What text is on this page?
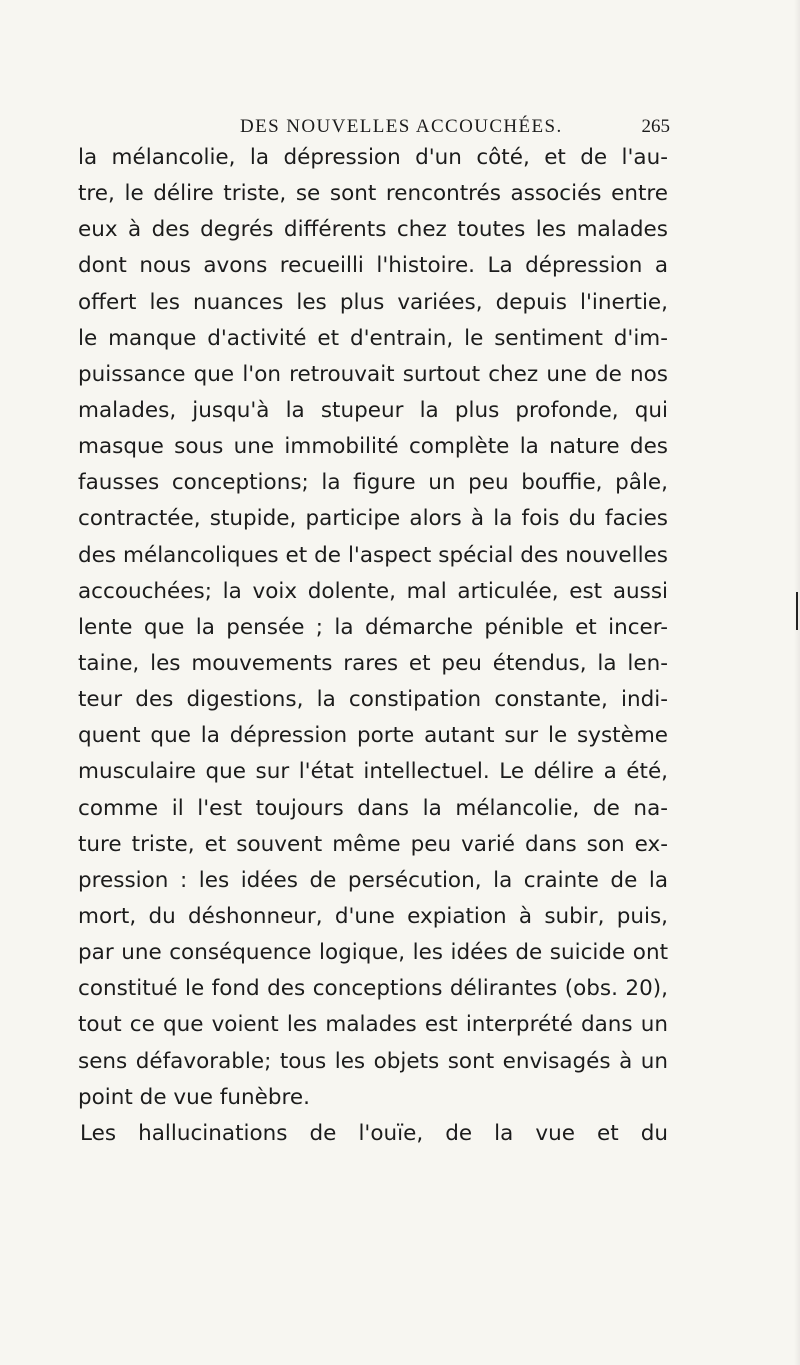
DES NOUVELLES ACCOUCHÉES.	265
la mélancolie, la dépression d'un côté, et de l'au-
tre, le délire triste, se sont rencontrés associés entre
eux à des degrés différents chez toutes les malades
dont nous avons recueilli l'histoire. La dépression a
offert les nuances les plus variées, depuis l'inertie,
le manque d'activité et d'entrain, le sentiment d'im-
puissance que l'on retrouvait surtout chez une de nos
malades, jusqu'à la stupeur la plus profonde, qui
masque sous une immobilité complète la nature des
fausses conceptions; la figure un peu bouffie, pâle,
contractée, stupide, participe alors à la fois du facies
des mélancoliques et de l'aspect spécial des nouvelles
accouchées; la voix dolente, mal articulée, est aussi
lente que la pensée ; la démarche pénible et incer-
taine, les mouvements rares et peu étendus, la len-
teur des digestions, la constipation constante, indi-
quent que la dépression porte autant sur le système
musculaire que sur l'état intellectuel. Le délire a été,
comme il l'est toujours dans la mélancolie, de na-
ture triste, et souvent même peu varié dans son ex-
pression : les idées de persécution, la crainte de la
mort, du déshonneur, d'une expiation à subir, puis,
par une conséquence logique, les idées de suicide ont
constitué le fond des conceptions délirantes (obs. 20),
tout ce que voient les malades est interprété dans un
sens défavorable; tous les objets sont envisagés à un
point de vue funèbre.
Les hallucinations de l'ouïe, de la vue et du
